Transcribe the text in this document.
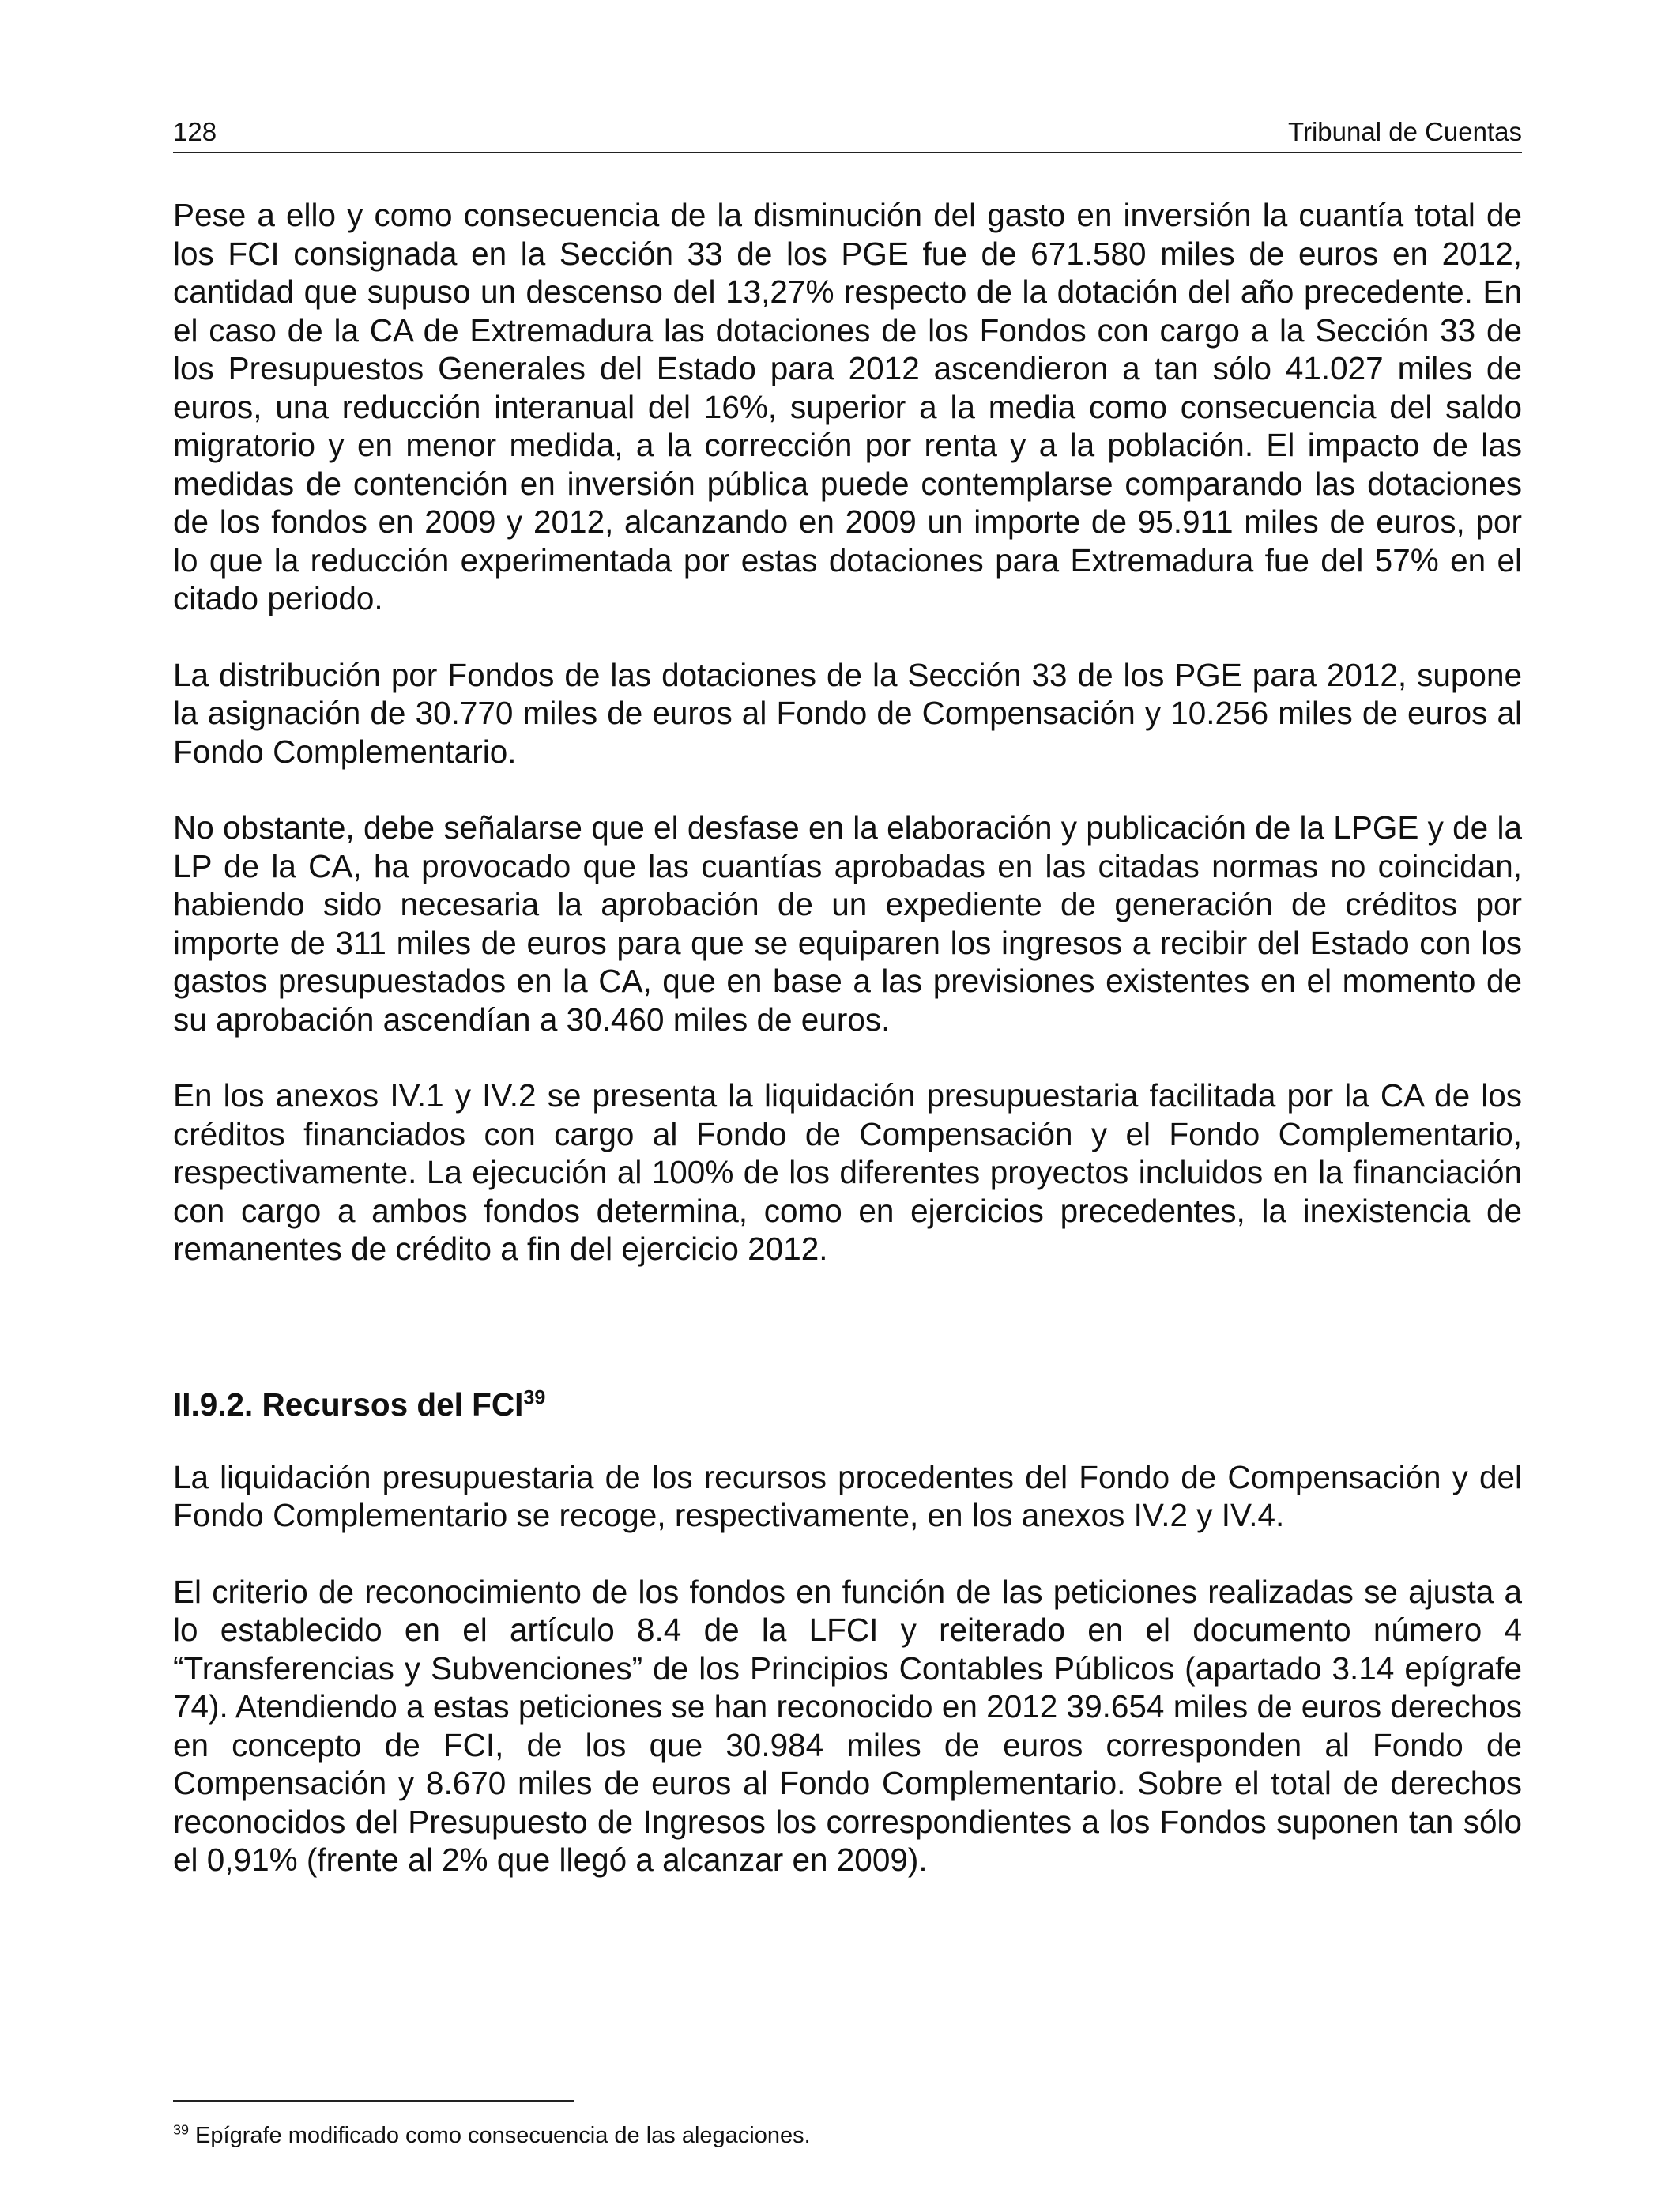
128	Tribunal de Cuentas

Pese a ello y como consecuencia de la disminución del gasto en inversión la cuantía total de los FCI consignada en la Sección 33 de los PGE fue de 671.580 miles de euros en 2012, cantidad que supuso un descenso del 13,27% respecto de la dotación del año precedente. En el caso de la CA de Extremadura las dotaciones de los Fondos con cargo a la Sección 33 de los Presupuestos Generales del Estado para 2012 ascendieron a tan sólo 41.027 miles de euros, una reducción interanual del 16%, superior a la media como consecuencia del saldo migratorio y en menor medida, a la corrección por renta y a la población. El impacto de las medidas de contención en inversión pública puede contemplarse comparando las dotaciones de los fondos en 2009 y 2012, alcanzando en 2009 un importe de 95.911 miles de euros, por lo que la reducción experimentada por estas dotaciones para Extremadura fue del 57% en el citado periodo.

La distribución por Fondos de las dotaciones de la Sección 33 de los PGE para 2012, supone la asignación de 30.770 miles de euros al Fondo de Compensación y 10.256 miles de euros al Fondo Complementario.

No obstante, debe señalarse que el desfase en la elaboración y publicación de la LPGE y de la LP de la CA, ha provocado que las cuantías aprobadas en las citadas normas no coincidan, habiendo sido necesaria la aprobación de un expediente de generación de créditos por importe de 311 miles de euros para que se equiparen los ingresos a recibir del Estado con los gastos presupuestados en la CA, que en base a las previsiones existentes en el momento de su aprobación ascendían a 30.460 miles de euros.

En los anexos IV.1 y IV.2 se presenta la liquidación presupuestaria facilitada por la CA de los créditos financiados con cargo al Fondo de Compensación y el Fondo Complementario, respectivamente. La ejecución al 100% de los diferentes proyectos incluidos en la financiación con cargo a ambos fondos determina, como en ejercicios precedentes, la inexistencia de remanentes de crédito a fin del ejercicio 2012.

II.9.2. Recursos del FCI$^{39}$

La liquidación presupuestaria de los recursos procedentes del Fondo de Compensación y del Fondo Complementario se recoge, respectivamente, en los anexos IV.2 y IV.4.

El criterio de reconocimiento de los fondos en función de las peticiones realizadas se ajusta a lo establecido en el artículo 8.4 de la LFCI y reiterado en el documento número 4 “Transferencias y Subvenciones” de los Principios Contables Públicos (apartado 3.14 epígrafe 74). Atendiendo a estas peticiones se han reconocido en 2012 39.654 miles de euros derechos en concepto de FCI, de los que 30.984 miles de euros corresponden al Fondo de Compensación y 8.670 miles de euros al Fondo Complementario. Sobre el total de derechos reconocidos del Presupuesto de Ingresos los correspondientes a los Fondos suponen tan sólo el 0,91% (frente al 2% que llegó a alcanzar en 2009).

$^{39}$ Epígrafe modificado como consecuencia de las alegaciones.
